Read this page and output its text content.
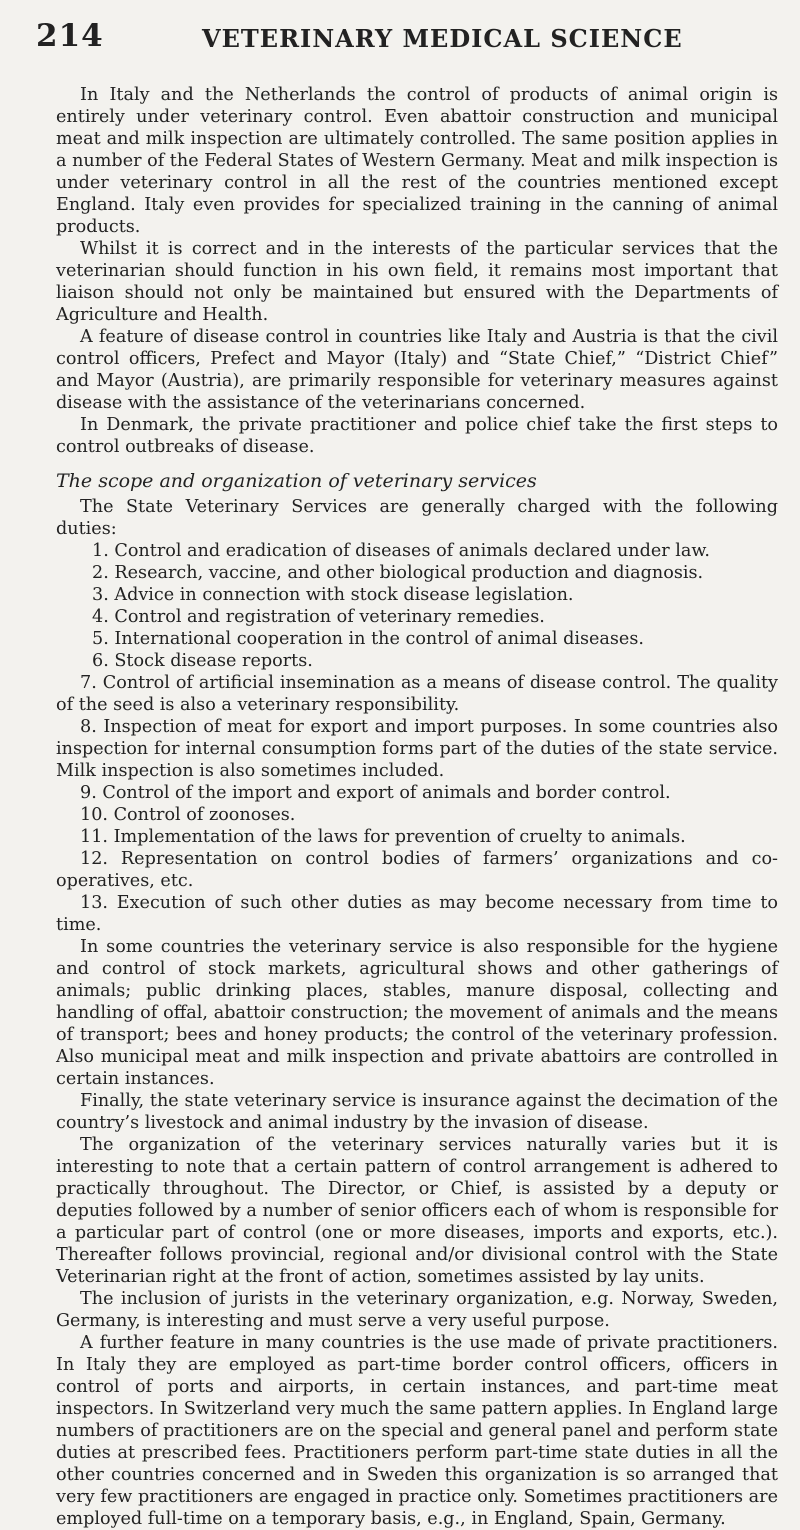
214	VETERINARY MEDICAL SCIENCE

In Italy and the Netherlands the control of products of animal origin is entirely under veterinary control. Even abattoir construction and municipal meat and milk inspection are ultimately controlled. The same position applies in a number of the Federal States of Western Germany. Meat and milk inspection is under veterinary control in all the rest of the countries mentioned except England. Italy even provides for specialized training in the canning of animal products.

Whilst it is correct and in the interests of the particular services that the veterinarian should function in his own field, it remains most important that liaison should not only be maintained but ensured with the Departments of Agriculture and Health.

A feature of disease control in countries like Italy and Austria is that the civil control officers, Prefect and Mayor (Italy) and “State Chief,” “District Chief” and Mayor (Austria), are primarily responsible for veterinary measures against disease with the assistance of the veterinarians concerned.

In Denmark, the private practitioner and police chief take the first steps to control outbreaks of disease.

The scope and organization of veterinary services

The State Veterinary Services are generally charged with the following duties:

1. Control and eradication of diseases of animals declared under law.

2. Research, vaccine, and other biological production and diagnosis.

3. Advice in connection with stock disease legislation.

4. Control and registration of veterinary remedies.

5. International cooperation in the control of animal diseases.

6. Stock disease reports.

7. Control of artificial insemination as a means of disease control. The quality of the seed is also a veterinary responsibility.

8. Inspection of meat for export and import purposes. In some countries also inspection for internal consumption forms part of the duties of the state service. Milk inspection is also sometimes included.

9. Control of the import and export of animals and border control.

10. Control of zoonoses.

11. Implementation of the laws for prevention of cruelty to animals.

12. Representation on control bodies of farmers’ organizations and co-operatives, etc.

13. Execution of such other duties as may become necessary from time to time.

In some countries the veterinary service is also responsible for the hygiene and control of stock markets, agricultural shows and other gatherings of animals; public drinking places, stables, manure disposal, collecting and handling of offal, abattoir construction; the movement of animals and the means of transport; bees and honey products; the control of the veterinary profession. Also municipal meat and milk inspection and private abattoirs are controlled in certain instances.

Finally, the state veterinary service is insurance against the decimation of the country’s livestock and animal industry by the invasion of disease.

The organization of the veterinary services naturally varies but it is interesting to note that a certain pattern of control arrangement is adhered to practically throughout. The Director, or Chief, is assisted by a deputy or deputies followed by a number of senior officers each of whom is responsible for a particular part of control (one or more diseases, imports and exports, etc.). Thereafter follows provincial, regional and/or divisional control with the State Veterinarian right at the front of action, sometimes assisted by lay units.

The inclusion of jurists in the veterinary organization, e.g. Norway, Sweden, Germany, is interesting and must serve a very useful purpose.

A further feature in many countries is the use made of private practitioners. In Italy they are employed as part-time border control officers, officers in control of ports and airports, in certain instances, and part-time meat inspectors. In Switzerland very much the same pattern applies. In England large numbers of practitioners are on the special and general panel and perform state duties at prescribed fees. Practitioners perform part-time state duties in all the other countries concerned and in Sweden this organization is so arranged that very few practitioners are engaged in practice only. Sometimes practitioners are employed full-time on a temporary basis, e.g., in England, Spain, Germany.
